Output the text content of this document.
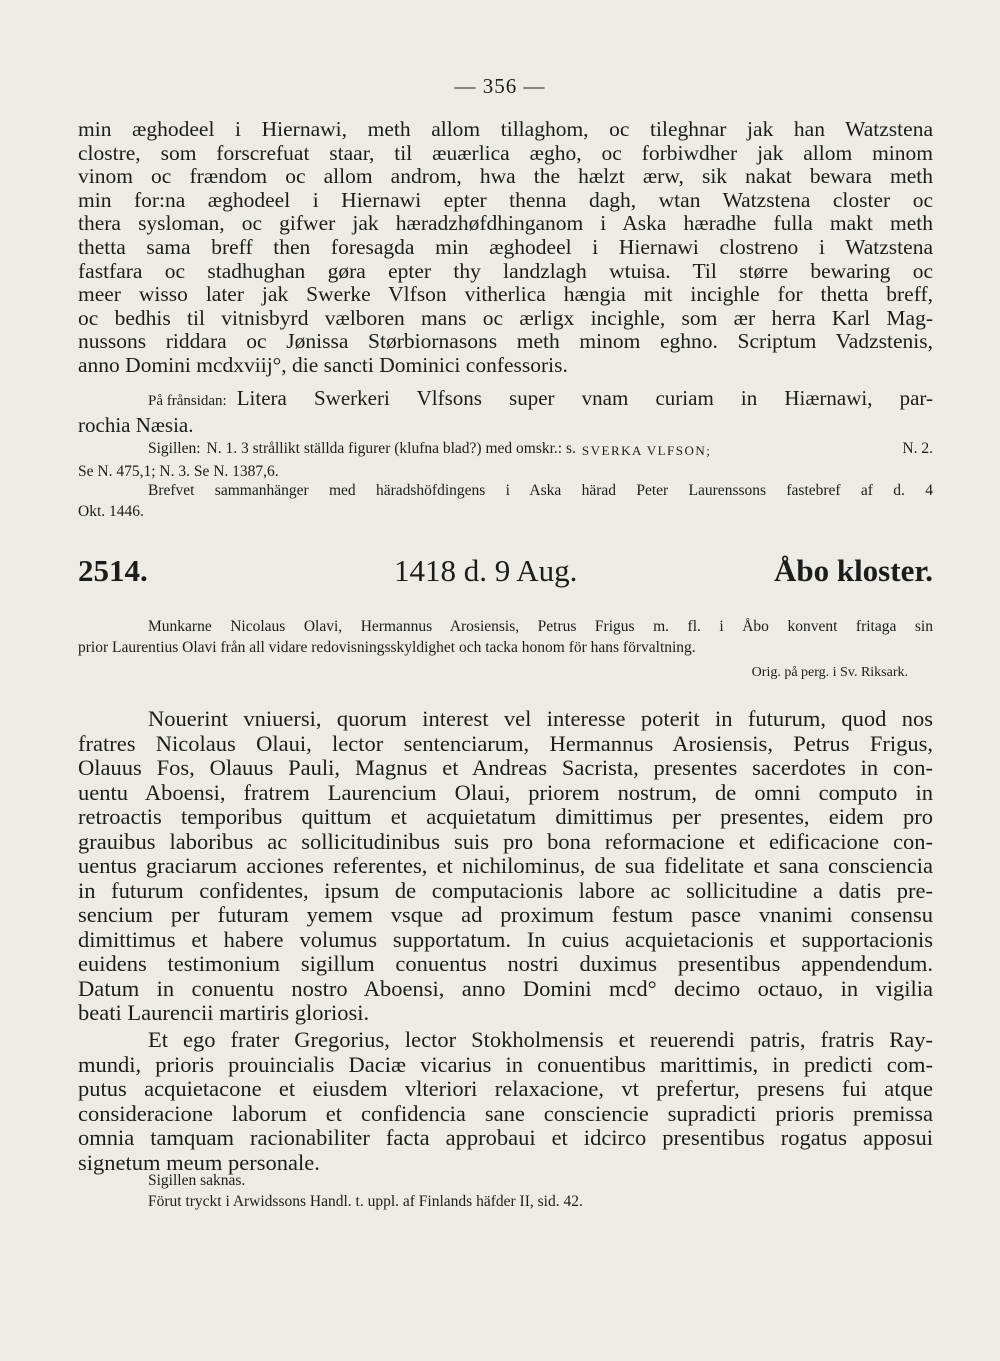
— 356 —

min æghodeel i Hiernawi, meth allom tillaghom, oc tileghnar jak han Watzstena
clostre, som forscrefuat staar, til æuærlica ægho, oc forbiwdher jak allom minom
vinom oc frændom oc allom androm, hwa the hælzt ærw, sik nakat bewara meth
min for:na æghodeel i Hiernawi epter thenna dagh, wtan Watzstena closter oc
thera sysloman, oc gifwer jak hæradzhøfdhinganom i Aska hæradhe fulla makt meth
thetta sama breff then foresagda min æghodeel i Hiernawi clostreno i Watzstena
fastfara oc stadhughan gøra epter thy landzlagh wtuisa. Til større bewaring oc
meer wisso later jak Swerke Vlfson vitherlica hængia mit incighle for thetta breff,
oc bedhis til vitnisbyrd vælboren mans oc ærligx incighle, som ær herra Karl Mag-
nussons riddara oc Jønissa Størbiornasons meth minom eghno. Scriptum Vadzstenis,
anno Domini mcdxviij°, die sancti Dominici confessoris.

På frånsidan: Litera Swerkeri Vlfsons super vnam curiam in Hiærnawi, par-
rochia Næsia.
Sigillen: N. 1. 3 strållikt ställda figurer (klufna blad?) med omskr.: s. SVERKA VLFSON;	N. 2.
Se N. 475,1; N. 3. Se N. 1387,6.
Brefvet sammanhänger med häradshöfdingens i Aska härad Peter Laurenssons fastebref af d. 4
Okt. 1446.
2514.	1418 d. 9 Aug.	Åbo kloster.
Munkarne Nicolaus Olavi, Hermannus Arosiensis, Petrus Frigus m. fl. i Åbo konvent fritaga sin
prior Laurentius Olavi från all vidare redovisningsskyldighet och tacka honom för hans förvaltning.
Orig. på perg. i Sv. Riksark.

Nouerint vniuersi, quorum interest vel interesse poterit in futurum, quod nos
fratres Nicolaus Olaui, lector sentenciarum, Hermannus Arosiensis, Petrus Frigus,
Olauus Fos, Olauus Pauli, Magnus et Andreas Sacrista, presentes sacerdotes in con-
uentu Aboensi, fratrem Laurencium Olaui, priorem nostrum, de omni computo in
retroactis temporibus quittum et acquietatum dimittimus per presentes, eidem pro
grauibus laboribus ac sollicitudinibus suis pro bona reformacione et edificacione con-
uentus graciarum acciones referentes, et nichilominus, de sua fidelitate et sana consciencia
in futurum confidentes, ipsum de computacionis labore ac sollicitudine a datis pre-
sencium per futuram yemem vsque ad proximum festum pasce vnanimi consensu
dimittimus et habere volumus supportatum. In cuius acquietacionis et supportacionis
euidens testimonium sigillum conuentus nostri duximus presentibus appendendum.
Datum in conuentu nostro Aboensi, anno Domini mcd° decimo octauo, in vigilia
beati Laurencii martiris gloriosi.

Et ego frater Gregorius, lector Stokholmensis et reuerendi patris, fratris Ray-
mundi, prioris prouincialis Daciæ vicarius in conuentibus marittimis, in predicti com-
putus acquietacone et eiusdem vlteriori relaxacione, vt prefertur, presens fui atque
consideracione laborum et confidencia sane consciencie supradicti prioris premissa
omnia tamquam racionabiliter facta approbaui et idcirco presentibus rogatus apposui
signetum meum personale.

Sigillen saknas.
Förut tryckt i Arwidssons Handl. t. uppl. af Finlands häfder II, sid. 42.
